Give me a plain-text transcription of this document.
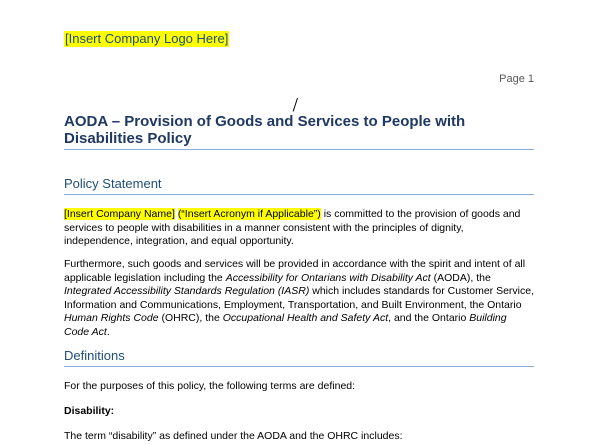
[Insert Company Logo Here]
Page 1
AODA – Provision of Goods and Services to People with Disabilities Policy
Policy Statement

[Insert Company Name] (“Insert Acronym if Applicable”) is committed to the provision of goods and services to people with disabilities in a manner consistent with the principles of dignity, independence, integration, and equal opportunity.

Furthermore, such goods and services will be provided in accordance with the spirit and intent of all applicable legislation including the Accessibility for Ontarians with Disability Act (AODA), the Integrated Accessibility Standards Regulation (IASR) which includes standards for Customer Service, Information and Communications, Employment, Transportation, and Built Environment, the Ontario Human Rights Code (OHRC), the Occupational Health and Safety Act, and the Ontario Building Code Act.

Definitions

For the purposes of this policy, the following terms are defined:

Disability:

The term “disability” as defined under the AODA and the OHRC includes:
